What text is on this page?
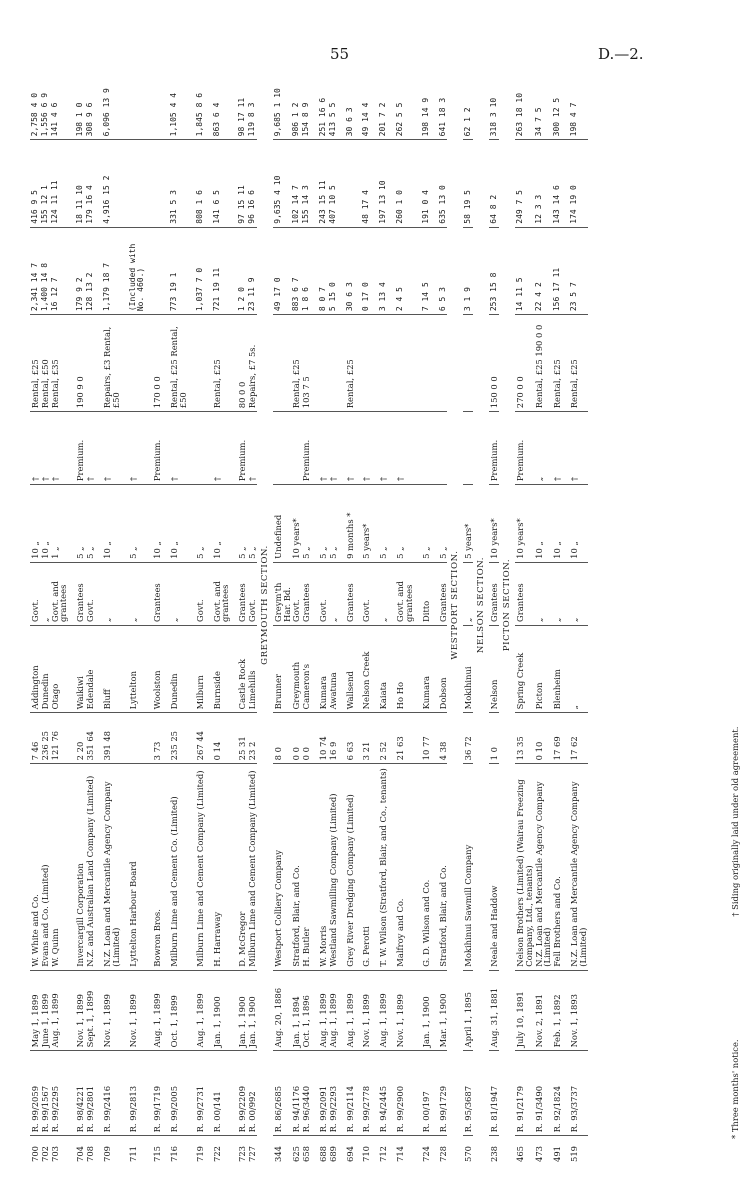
55	D.—2.
700	R. 99/2059	May 1, 1899	W. White and Co.	7 46	Addington	Govt.	10 „	†	Rental, £25	2,341 14 7	416 9 5	2,758 4 0
702	R. 99/1567	June 1, 1899	Evans and Co. (Limited)	236 25	Dunedin	„	10 „	†	Rental, £50	1,400 14 8	155 12 1	1,556 6 9
703	R. 99/2295	Aug. 1, 1899	W. Quinn	121 76	Otago	Govt. and grantees	1 „	†	Rental, £35	16 12 7	124 11 11	141 4 6
704	R. 98/4221	Nov. 1, 1899	Invercargill Corporation	2 20	Waikiwi	Grantees	5 „	Premium.	190 9 0	179 9 2	18 11 10	198 1 0
708	R. 99/2801	Sept. 1, 1899	N.Z. and Australian Land Company (Limited)	351 64	Edendale	Govt.	5 „	†		128 13 2	179 16 4	308 9 6
709	R. 99/2416	Nov. 1, 1899	N.Z. Loan and Mercantile Agency Company (Limited)	391 48	Bluff	„	10 „	†	Repairs, £3 Rental, £50	1,179 18 7	4,916 15 2	6,096 13 9
711	R. 99/2813	Nov. 1, 1899	Lyttelton Harbour Board		Lyttelton	„	5 „	†		(Included with No. 460.)		
715	R. 99/1719	Aug. 1, 1899	Bowron Bros.	3 73	Woolston	Grantees	10 „	Premium.	170 0 0			
716	R. 99/2005	Oct. 1, 1899	Milburn Lime and Cement Co. (Limited)	235 25	Dunedin	„	10 „	†	Rental, £25 Rental, £50	773 19 1	331 5 3	1,105 4 4
719	R. 99/2731	Aug. 1, 1899	Milburn Lime and Cement Company (Limited)	267 44	Milburn	Govt.	5 „			1,037 7 0	808 1 6	1,845 8 6
722	R. 00/141	Jan. 1, 1900	H. Harraway	0 14	Burnside	Govt. and grantees	10 „	†	Rental, £25	721 19 11	141 6 5	863 6 4
723	R. 99/2209	Jan. 1, 1900	D. McGregor	25 31	Castle Rock	Grantees	5 „	Premium.	80 0 0	1 2 0	97 15 11	98 17 11
727	R. 00/992	Jan. 1, 1900	Milburn Lime and Cement Company (Limited)	23 2	Limehills	Govt.	5 „	†	Repairs, £7 5s.	23 11 9	96 16 6	119 8 3
GREYMOUTH SECTION.												
344	R. 86/2685	Aug. 20, 1886	Westport Colliery Company	8 0	Brunner	Greym'th Har. Bd.	Undefined			49 17 0	9,635 4 10	9,685 1 10
625	R. 94/1176	Jan. 1, 1894	Stratford, Blair, and Co.	0 0	Greymouth	Govt.	10 years*		Rental, £25	883 6 7	102 14 7	986 1 2
658	R. 96/3440	Oct. 1, 1896	H. Butler	0 0	Cameron's	Grantees	5 „	Premium.	103 7 5	1 8 6	155 14 3	154 8 9
688	R. 99/2091	Aug. 1, 1899	W. Morris	10 74	Kumara	Govt.	5 „	†		8 0 7	243 15 11	251 16 6
689	R. 99/2293	Aug. 1, 1899	Westland Sawmilling Company (Limited)	16 9	Awatuna	„	5 „	†		5 15 0	407 10 5	413 5 5
694	R. 99/2114	Aug. 1, 1899	Grey River Dredging Company (Limited)	6 63	Wallsend	Grantees	9 months *	†	Rental, £25	30 6 3		30 6 3
710	R. 99/2778	Nov. 1, 1899	G. Perotti	3 21	Nelson Creek	Govt.	5 years*	†		0 17 0	48 17 4	49 14 4
712	R. 94/2445	Aug. 1, 1899	T. W. Wilson (Stratford, Blair, and Co., tenants)	2 52	Kaiata	„	5 „	†		3 13 4	197 13 10	201 7 2
714	R. 99/2900	Nov. 1, 1899	Malfroy and Co.	21 63	Ho Ho	Govt. and grantees	5 „	†		2 4 5	260 1 0	262 5 5
724	R. 00/197	Jan. 1, 1900	G. D. Wilson and Co.	10 77	Kumara	Ditto	5 „			7 14 5	191 0 4	198 14 9
728	R. 99/1729	Mar. 1, 1900	Stratford, Blair, and Co.	4 38	Dobson	Grantees	5 „			6 5 3	635 13 0	641 18 3
WESTPORT SECTION.												
570	R. 95/3687	April 1, 1895	Mokihinui Sawmill Company	36 72	Mokihinui	„	5 years*			3 1 9	58 19 5	62 1 2
NELSON SECTION.												
238	R. 81/1947	Aug. 31, 1881	Neale and Haddow	1 0	Nelson	Grantees	10 years*	Premium.	150 0 0	253 15 8	64 8 2	318 3 10
PICTON SECTION.												
465	R. 91/2179	July 10, 1891	Nelson Brothers (Limited) (Wairau Freezing Company, Ltd., tenants)	13 35	Spring Creek	Grantees	10 years*	Premium.	270 0 0	14 11 5	249 7 5	263 18 10
473	R. 91/3490	Nov. 2, 1891	N.Z. Loan and Mercantile Agency Company (Limited)	0 10	Picton	„	10 „	„	Rental, £25 190 0 0	22 4 2	12 3 3	34 7 5
491	R. 92/1824	Feb. 1, 1892	Fell Brothers and Co.	17 69	Blenheim	„	10 „	†	Rental, £25	156 17 11	143 14 6	300 12 5
519	R. 93/3737	Nov. 1, 1893	N.Z. Loan and Mercantile Agency Company (Limited)	17 62	„	„	10 „	†	Rental, £25	23 5 7	174 19 0	198 4 7
* Three months' notice. † Siding originally laid under old agreement.
